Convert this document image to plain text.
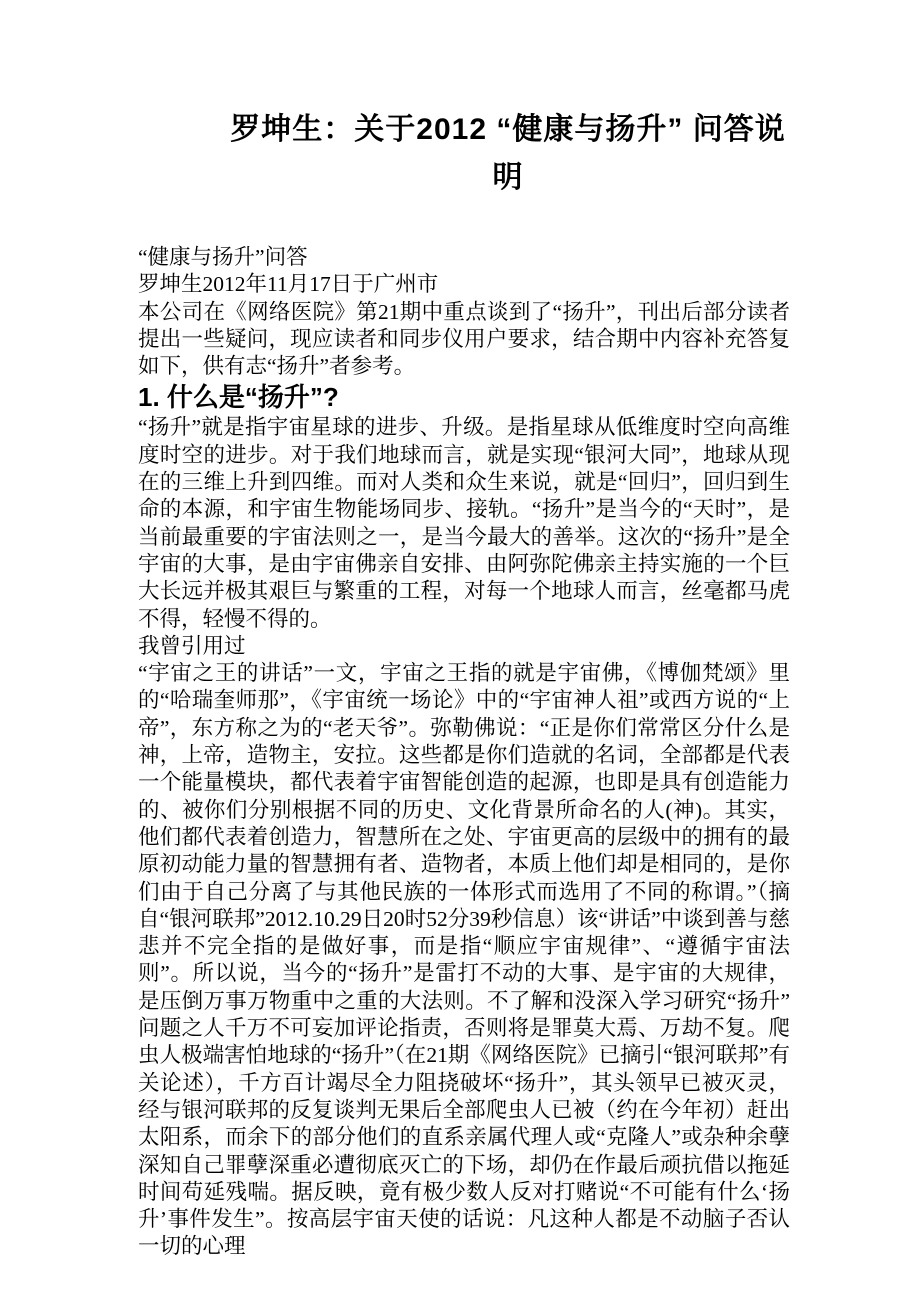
罗坤生：关于2012 “健康与扬升” 问答说明

“健康与扬升”问答

罗坤生2012年11月17日于广州市

本公司在《网络医院》第21期中重点谈到了“扬升”，刊出后部分读者提出一些疑问，现应读者和同步仪用户要求，结合期中内容补充答复如下，供有志“扬升”者参考。

1. 什么是“扬升”?

“扬升”就是指宇宙星球的进步、升级。是指星球从低维度时空向高维度时空的进步。对于我们地球而言，就是实现“银河大同”，地球从现在的三维上升到四维。而对人类和众生来说，就是“回归”，回归到生命的本源，和宇宙生物能场同步、接轨。“扬升”是当今的“天时”，是当前最重要的宇宙法则之一，是当今最大的善举。这次的“扬升”是全宇宙的大事，是由宇宙佛亲自安排、由阿弥陀佛亲主持实施的一个巨大长远并极其艰巨与繁重的工程，对每一个地球人而言，丝毫都马虎不得，轻慢不得的。

我曾引用过

“宇宙之王的讲话”一文，宇宙之王指的就是宇宙佛，《博伽梵颂》里的“哈瑞奎师那”，《宇宙统一场论》中的“宇宙神人祖”或西方说的“上帝”，东方称之为的“老天爷”。弥勒佛说：“正是你们常常区分什么是神，上帝，造物主，安拉。这些都是你们造就的名词，全部都是代表一个能量模块，都代表着宇宙智能创造的起源，也即是具有创造能力的、被你们分别根据不同的历史、文化背景所命名的人(神)。其实，他们都代表着创造力，智慧所在之处、宇宙更高的层级中的拥有的最原初动能力量的智慧拥有者、造物者，本质上他们却是相同的，是你们由于自己分离了与其他民族的一体形式而选用了不同的称谓。”（摘自“银河联邦”2012.10.29日20时52分39秒信息）该“讲话”中谈到善与慈悲并不完全指的是做好事，而是指“顺应宇宙规律”、“遵循宇宙法则”。所以说，当今的“扬升”是雷打不动的大事、是宇宙的大规律，是压倒万事万物重中之重的大法则。不了解和没深入学习研究“扬升”问题之人千万不可妄加评论指责，否则将是罪莫大焉、万劫不复。爬虫人极端害怕地球的“扬升”（在21期《网络医院》已摘引“银河联邦”有关论述），千方百计竭尽全力阻挠破坏“扬升”，其头领早已被灭灵，经与银河联邦的反复谈判无果后全部爬虫人已被（约在今年初）赶出太阳系，而余下的部分他们的直系亲属代理人或“克隆人”或杂种余孽深知自己罪孽深重必遭彻底灭亡的下场，却仍在作最后顽抗借以拖延时间苟延残喘。据反映，竟有极少数人反对打赌说“不可能有什么‘扬升’事件发生”。按高层宇宙天使的话说：凡这种人都是不动脑子否认一切的心理
